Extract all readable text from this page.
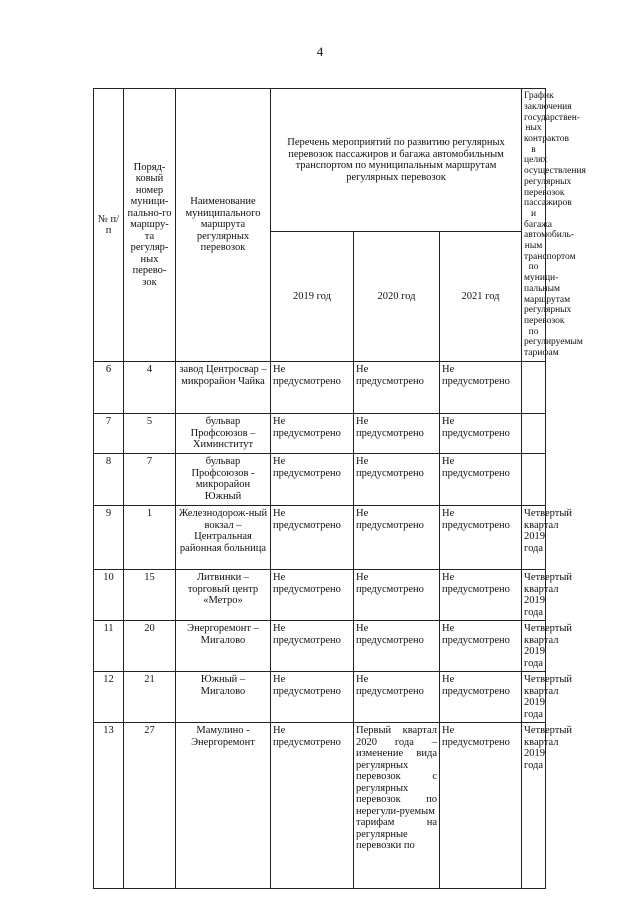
4
№ п/п	Поряд-ковый номер муници-пально-го маршру-та регуляр-ных перево-зок	Наименование муниципального маршрута регулярных перевозок	Перечень мероприятий по развитию регулярных перевозок пассажиров и багажа автомобильным транспортом по муниципальным маршрутам регулярных перевозок			График заключения государствен-ных контрактов в целях осуществления регулярных перевозок пассажиров и багажа автомобиль-ным транспортом по муници-пальным маршрутам регулярных перевозок по регулируемым тарифам
			2019 год	2020 год	2021 год	
6	4	завод Центросвар – микрорайон Чайка	Не предусмотрено	Не предусмотрено	Не предусмотрено	
7	5	бульвар Профсоюзов – Химинститут	Не предусмотрено	Не предусмотрено	Не предусмотрено	
8	7	бульвар Профсоюзов - микрорайон Южный	Не предусмотрено	Не предусмотрено	Не предусмотрено	
9	1	Железнодорож-ный вокзал – Центральная районная больница	Не предусмотрено	Не предусмотрено	Не предусмотрено	Четвертый квартал 2019 года
10	15	Литвинки – торговый центр «Метро»	Не предусмотрено	Не предусмотрено	Не предусмотрено	Четвертый квартал 2019 года
11	20	Энергоремонт – Мигалово	Не предусмотрено	Не предусмотрено	Не предусмотрено	Четвертый квартал 2019 года
12	21	Южный – Мигалово	Не предусмотрено	Не предусмотрено	Не предусмотрено	Четвертый квартал 2019 года
13	27	Мамулино - Энергоремонт	Не предусмотрено	Первый квартал 2020 года – изменение вида регулярных перевозок с регулярных перевозок по нерегули-руемым тарифам на регулярные перевозки по	Не предусмотрено	Четвертый квартал 2019 года
